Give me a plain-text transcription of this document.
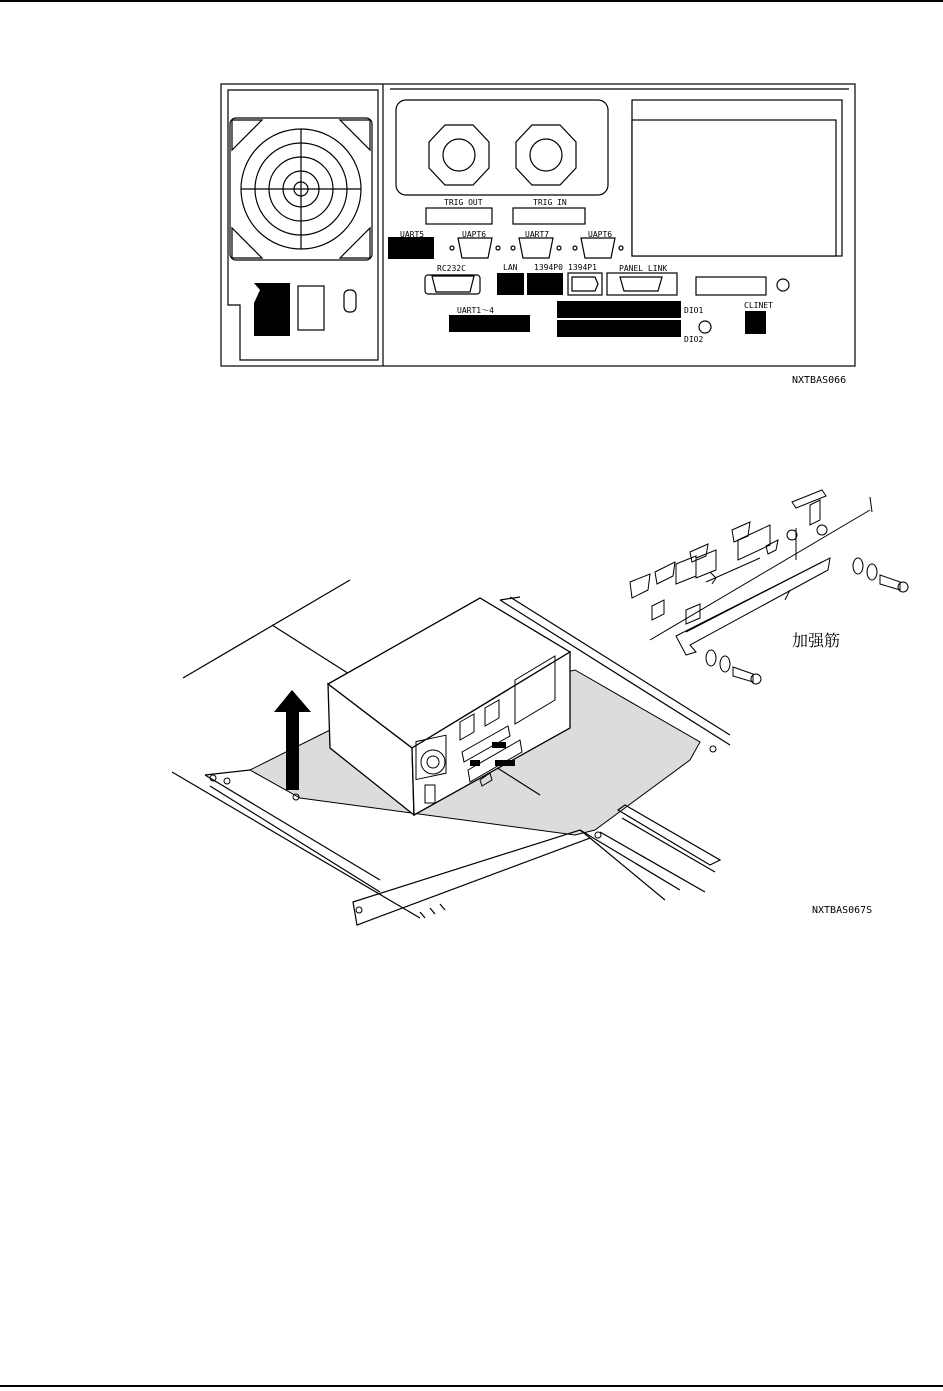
TRIG OUT	TRIG IN
UART5	UAPT6	UART7	UAPT6
RC232C	LAN 1394P0 1394P1	PANEL LINK
UART1～4	DIO1
DIO2
CLINET
NXTBAS066
加强筋
NXTBAS067S
